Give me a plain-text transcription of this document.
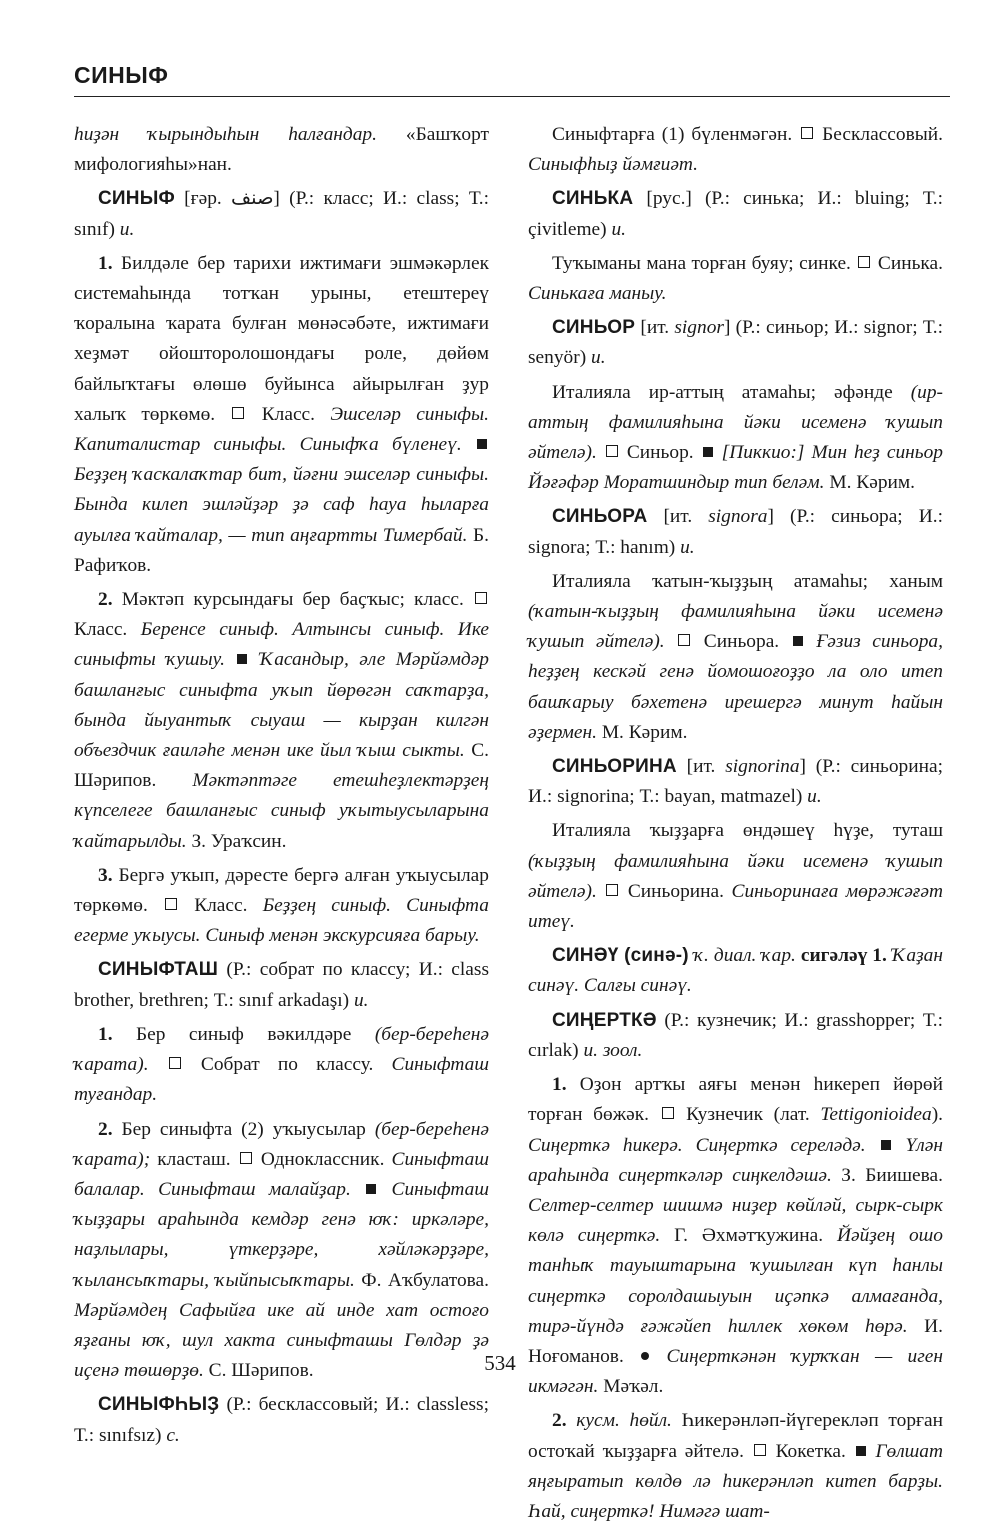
СИНЫФ

һиҙән ҡырындыһын һалғандар. «Башҡорт мифологияһы»нан.

СИНЫФ [ғәр. صنف] (Р.: класс; И.: class; Т.: sınıf) и.

1. Билдәле бер тарихи ижтимағи эшмәкәрлек системаһында тотҡан урыны, етештереү ҡоралына ҡарата булған мөнәсәбәте, ижтимағи хеҙмәт ойошторолошондағы роле, дөйөм байлыҡтағы өлөшө буйынса айырылған ҙур халыҡ төркөмө.  Класс. Эшселәр синыфы. Капиталистар синыфы. Синыфҡа бүленеү.  Беҙҙең ҡаскалаҡтар бит, йәғни эшселәр синыфы. Бында килеп эшләйҙәр ҙә саф һауа һыларға ауылға ҡайталар, — тип аңғартты Тимербай. Б. Рафиҡов.

2. Мәктәп курсындағы бер баҫҡыс; класс.  Класс. Беренсе синыф. Алтынсы синыф. Ике синыфты ҡушыу.  Ҡасандыр, әле Мәрйәмдәр башланғыс синыфта уҡып йөрөгән саҡтарҙа, бында йыуантыҡ сыуаш — кырҙан килгән объездчик ғаиләһе менән ике йыл ҡыш сыкты. С. Шәрипов. Мәктәптәге етешһеҙлектәрҙең күпселеге башланғыс синыф уҡытыусыларына ҡайтарылды. З. Ураҡсин.

3. Бергә уҡып, дәресте бергә алған уҡыусылар төркөмө.  Класс. Беҙҙең синыф. Синыфта егерме уҡыусы. Синыф менән экскурсияға барыу.

СИНЫФТАШ (Р.: собрат по классу; И.: class brother, brethren; Т.: sınıf arkadaşı) и.

1. Бер синыф вәкилдәре (бер-береһенә ҡарата).  Собрат по классу. Синыфташ туғандар.

2. Бер синыфта (2) уҡыусылар (бер-береһенә ҡарата); класташ.  Одноклассник. Синыфташ балалар. Синыфташ малайҙар.  Синыфташ ҡыҙҙары араһында кемдәр генә юҡ: иркәләре, наҙлылары, үткерҙәре, хәйләкәрҙәре, ҡылансыҡтары, ҡыйпысыҡтары. Ф. Аҡбулатова. Мәрйәмдең Сафыйға ике ай инде хат остоғо яҙғаны юҡ, шул хакта синыфташы Гөлдәр ҙә иҫенә төшөрҙө. С. Шәрипов.

СИНЫФҺЫҘ (Р.: бесклассовый; И.: classless; Т.: sınıfsız) с.

Синыфтарға (1) бүленмәгән.  Бесклассовый. Синыфһыҙ йәмғиәт.

СИНЬКА [рус.] (Р.: синька; И.: bluing; Т.: çivitleme) и.

Туҡыманы мана торған буяу; синке.  Синька. Синькаға маныу.

СИНЬОР [ит. signor] (Р.: синьор; И.: signor; Т.: senyör) и.

Италияла ир-аттың атамаһы; әфәнде (ир-аттың фамилияһына йәки исеменә ҡушып әйтелә).  Синьор.  [Пиккио:] Мин һеҙ синьор Йәғәфәр Моратшиндыр тип беләм. М. Кәрим.

СИНЬОРА [ит. signora] (Р.: синьора; И.: signora; Т.: hanım) и.

Италияла ҡатын-ҡыҙҙың атамаһы; ханым (ҡатын-ҡыҙҙың фамилияһына йәки исеменә ҡушып әйтелә).  Синьора.  Ғәзиз синьора, һеҙҙең кескәй генә йомошоғоҙҙо ла оло итеп башҡарыу бәхетенә ирешергә минут һайын әҙермен. М. Кәрим.

СИНЬОРИНА [ит. signorina] (Р.: синьорина; И.: signorina; Т.: bayan, matmazel) и.

Италияла ҡыҙҙарға өндәшеү һүҙе, туташ (ҡыҙҙың фамилияһына йәки исеменә ҡушып әйтелә).  Синьорина. Синьоринаға мөрәжәғәт итеү.

СИНӘҮ (синә-) ҡ. диал. ҡар. сигәләү 1. Ҡаҙан синәү. Салғы синәү.

СИҢЕРТКӘ (Р.: кузнечик; И.: grasshopper; Т.: cırlak) и. зоол.

1. Оҙон артҡы аяғы менән һикереп йөрөй торған бөжәк.  Кузнечик (лат. Tettigonioidea). Сиңерткә һикерә. Сиңерткә сереләдә.  Үлән араһында сиңерткәләр сиңкелдәшә. З. Биишева. Селтер-селтер шишмә ниҙер көйләй, сырк-сырк көлә сиңерткә. Г. Әхмәтҡужина. Йәйҙең ошо танһыҡ тауыштарына ҡушылған күп һанлы сиңерткә соролдашыуын иҫәпкә алмағанда, тирә-йүндә ғәжәйеп һиллек хөкөм һөрә. И. Ноғоманов.  Сиңерткәнән ҡурҡҡан — иген икмәгән. Мәҡәл.

2. кусм. һөйл. Һикерәнләп-йүгерекләп торған остоҡай ҡыҙҙарға әйтелә.  Кокетка.  Гөлшат яңғыратып көлдө лә һикерәнләп китеп барҙы. Һай, сиңерткә! Нимәгә шат-

534
